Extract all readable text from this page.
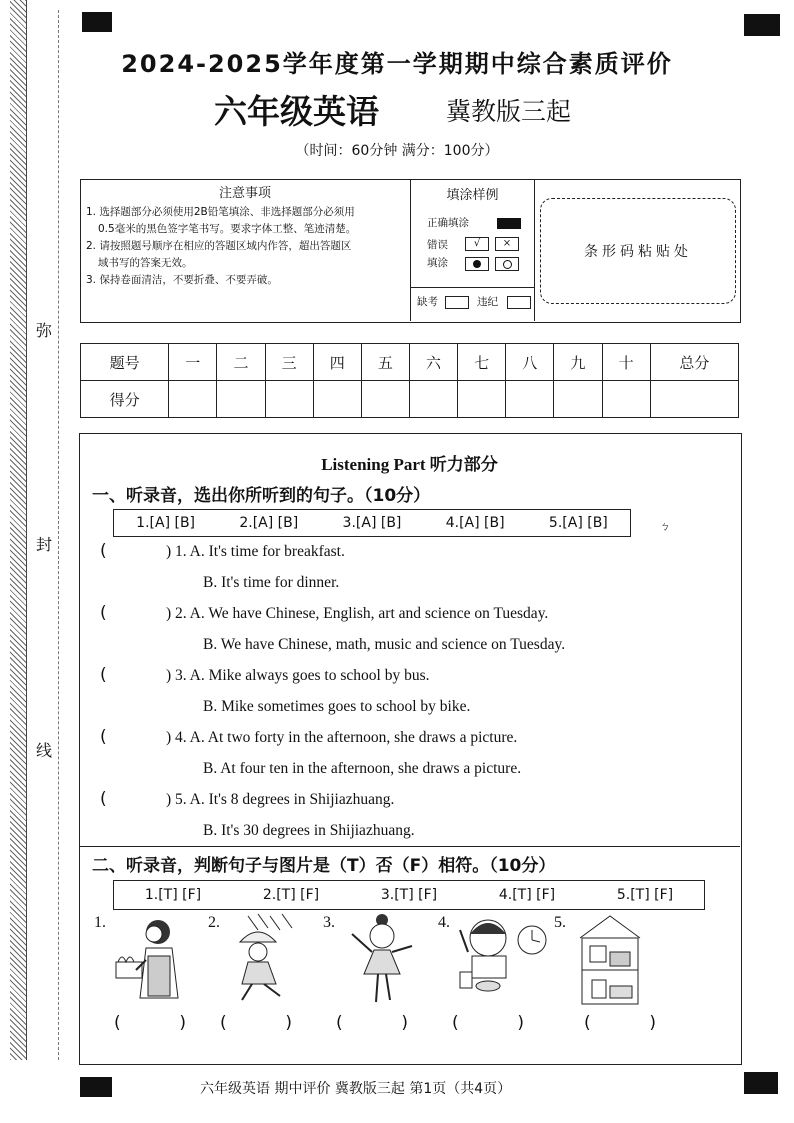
弥
封
线
2024-2025学年度第一学期期中综合素质评价
六年级英语	冀教版三起
（时间：60分钟 满分：100分）
注意事项
1. 选择题部分必须使用2B铅笔填涂、非选择题部分必须用
0.5毫米的黑色签字笔书写。要求字体工整、笔迹清楚。
2. 请按照题号顺序在相应的答题区域内作答，超出答题区
域书写的答案无效。
3. 保持卷面清洁，不要折叠、不要弄破。
填涂样例
正确填涂
错误
填涂
√	×
缺考	违纪
条形码粘贴处
题号	一	二	三	四	五	六	七	八	九	十	总分
得分											
Listening Part 听力部分
一、听录音，选出你所听到的句子。（10分）
1.[A] [B]	2.[A] [B]	3.[A] [B]	4.[A] [B]	5.[A] [B]	ㄅ
(	) 1. A. It's time for breakfast.
B. It's time for dinner.
(	) 2. A. We have Chinese, English, art and science on Tuesday.
B. We have Chinese, math, music and science on Tuesday.
(	) 3. A. Mike always goes to school by bus.
B. Mike sometimes goes to school by bike.
(	) 4. A. At two forty in the afternoon, she draws a picture.
B. At four ten in the afternoon, she draws a picture.
(	) 5. A. It's 8 degrees in Shijiazhuang.
B. It's 30 degrees in Shijiazhuang.
二、听录音，判断句子与图片是（T）否（F）相符。（10分）
1.[T] [F]	2.[T] [F]	3.[T] [F]	4.[T] [F]	5.[T] [F]
1.	2.	3.	4.	5.
(	) (	)	(	)	(	)	(	)
六年级英语 期中评价 冀教版三起 第1页（共4页）
